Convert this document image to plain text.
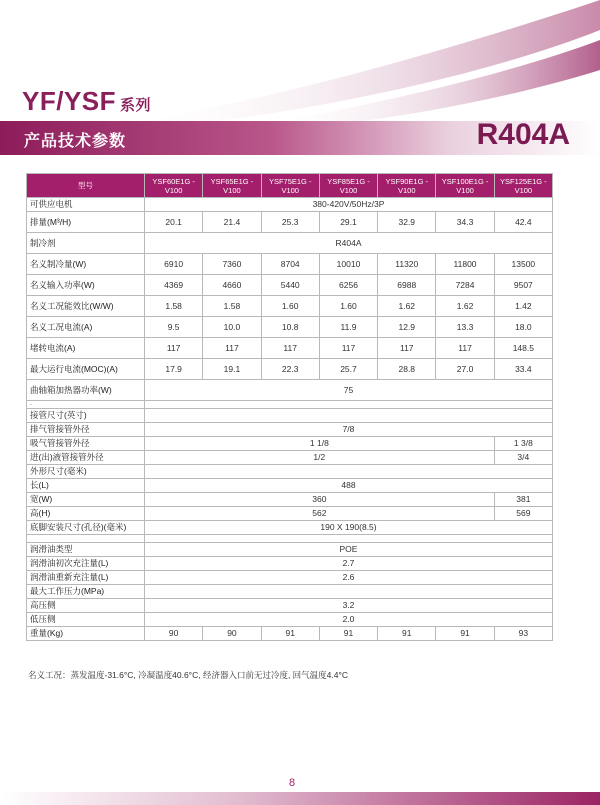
YF/YSF 系列
产品技术参数	R404A
型号	YSF60E1G -V100	YSF65E1G -V100	YSF75E1G -V100	YSF85E1G -V100	YSF90E1G -V100	YSF100E1G -V100	YSF125E1G -V100
可供应电机	380-420V/50Hz/3P						
排量(M³/H)	20.1	21.4	25.3	29.1	32.9	34.3	42.4
制冷剂	R404A						
名义制冷量(W)	6910	7360	8704	10010	11320	11800	13500
名义输入功率(W)	4369	4660	5440	6256	6988	7284	9507
名义工况能效比(W/W)	1.58	1.58	1.60	1.60	1.62	1.62	1.42
名义工况电流(A)	9.5	10.0	10.8	11.9	12.9	13.3	18.0
堵转电流(A)	117	117	117	117	117	117	148.5
最大运行电流(MOC)(A)	17.9	19.1	22.3	25.7	28.8	27.0	33.4
曲轴箱加热器功率(W)	75						
·							
接管尺寸(英寸)							
排气管接管外径	7/8						
吸气管接管外径	1 1/8						1 3/8
进(出)液管接管外径	1/2						3/4
外形尺寸(毫米)							
长(L)	488						
宽(W)	360						381
高(H)	562						569
底脚安装尺寸(孔径)(毫米)	190 X 190(8.5)						

润滑油类型	POE						
润滑油初次充注量(L)	2.7						
润滑油重新充注量(L)	2.6						
最大工作压力(MPa)							
高压侧	3.2						
低压侧	2.0						
重量(Kg)	90	90	91	91	91	91	93
名义工况：蒸发温度-31.6°C, 冷凝温度40.6°C, 经济器入口前无过冷度, 回气温度4.4°C
8
